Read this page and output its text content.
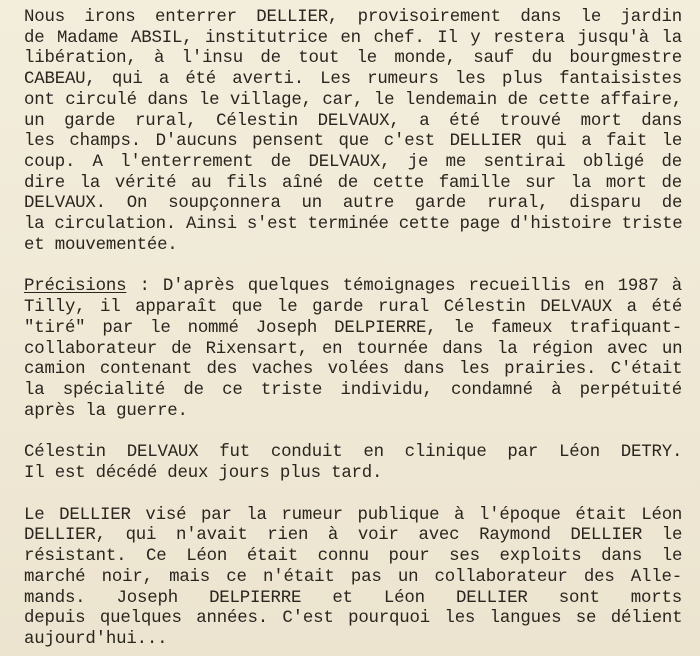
Nous irons enterrer DELLIER, provisoirement dans le jardin
de Madame ABSIL, institutrice en chef. Il y restera jusqu'à la
libération, à l'insu de tout le monde, sauf du bourgmestre
CABEAU, qui a été averti. Les rumeurs les plus fantaisistes
ont circulé dans le village, car, le lendemain de cette affaire,
un garde rural, Célestin DELVAUX, a été trouvé mort dans
les champs. D'aucuns pensent que c'est DELLIER qui a fait le
coup. A l'enterrement de DELVAUX, je me sentirai obligé de
dire la vérité au fils aîné de cette famille sur la mort de
DELVAUX. On soupçonnera un autre garde rural, disparu de
la circulation. Ainsi s'est terminée cette page d'histoire triste
et mouvementée.
Précisions : D'après quelques témoignages recueillis en 1987 à
Tilly, il apparaît que le garde rural Célestin DELVAUX a été
"tiré" par le nommé Joseph DELPIERRE, le fameux trafiquant-
collaborateur de Rixensart, en tournée dans la région avec un
camion contenant des vaches volées dans les prairies. C'était
la spécialité de ce triste individu, condamné à perpétuité
après la guerre.
Célestin DELVAUX fut conduit en clinique par Léon DETRY.
Il est décédé deux jours plus tard.
Le DELLIER visé par la rumeur publique à l'époque était Léon
DELLIER, qui n'avait rien à voir avec Raymond DELLIER le
résistant. Ce Léon était connu pour ses exploits dans le
marché noir, mais ce n'était pas un collaborateur des Alle-
mands. Joseph DELPIERRE et Léon DELLIER sont morts
depuis quelques années. C'est pourquoi les langues se délient
aujourd'hui...
